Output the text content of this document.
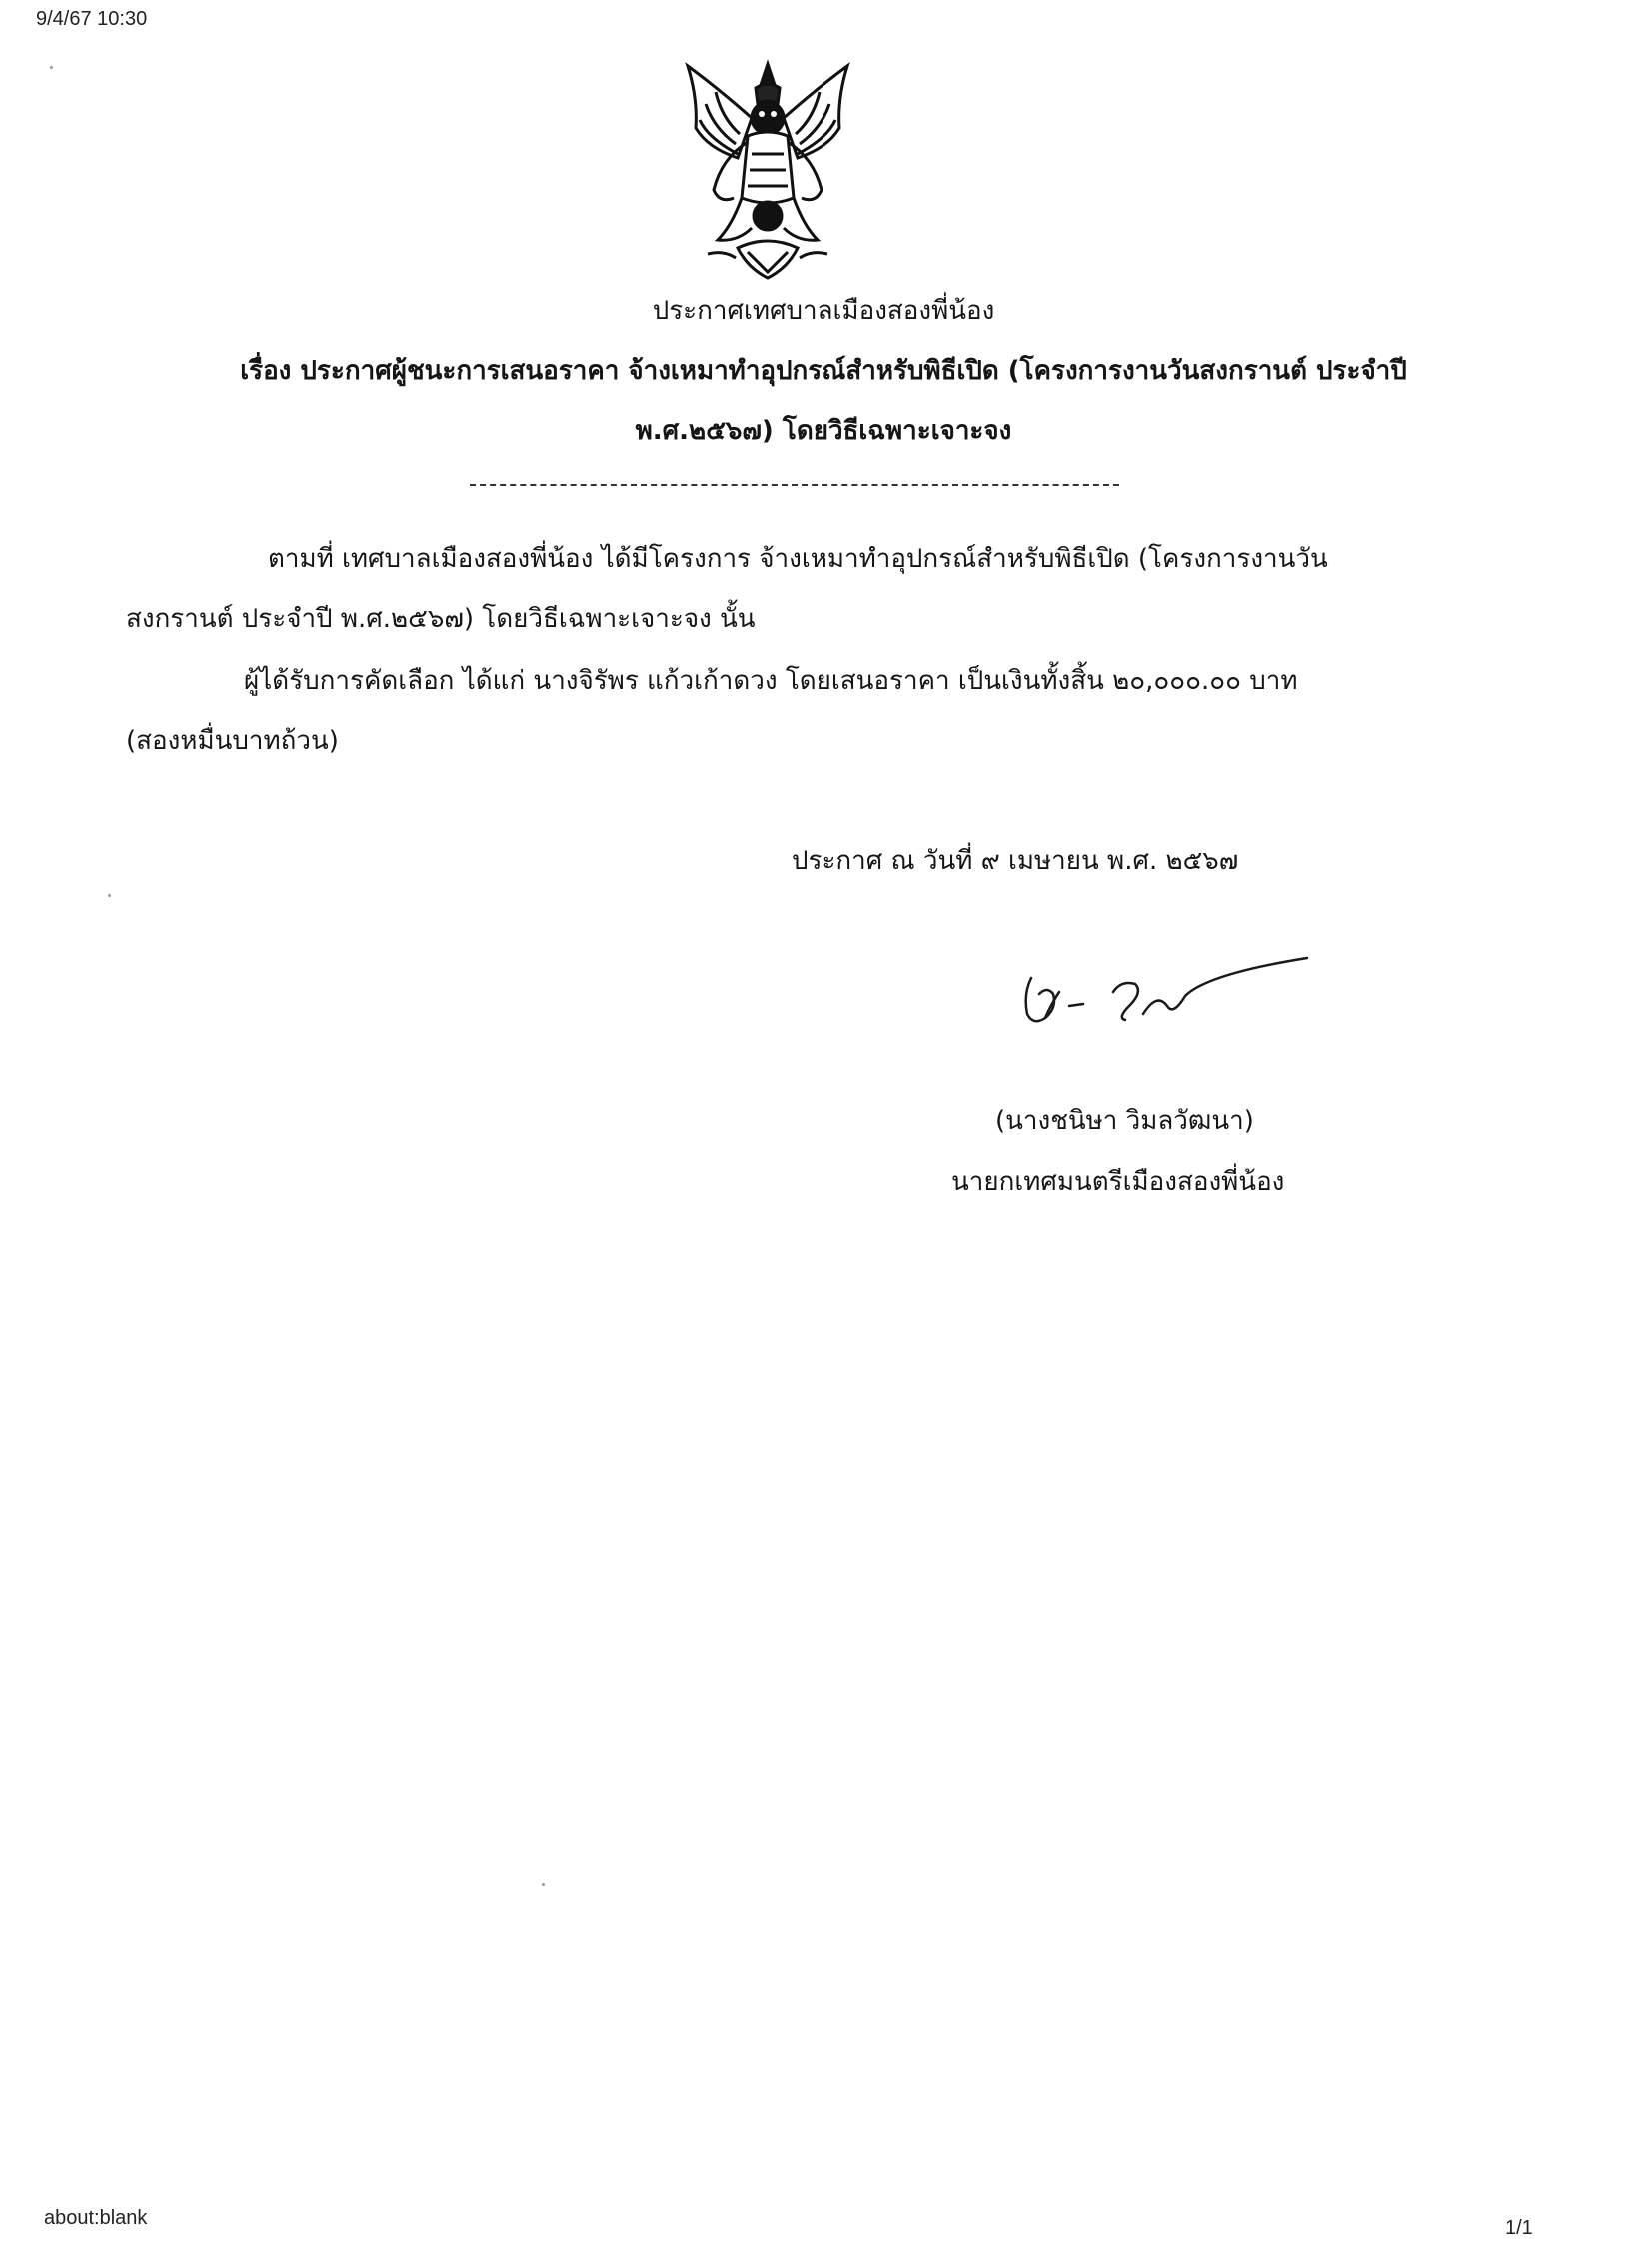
9/4/67 10:30
ประกาศเทศบาลเมืองสองพี่น้อง
เรื่อง ประกาศผู้ชนะการเสนอราคา จ้างเหมาทำอุปกรณ์สำหรับพิธีเปิด (โครงการงานวันสงกรานต์ ประจำปี
พ.ศ.๒๕๖๗) โดยวิธีเฉพาะเจาะจง
ตามที่ เทศบาลเมืองสองพี่น้อง ได้มีโครงการ จ้างเหมาทำอุปกรณ์สำหรับพิธีเปิด (โครงการงานวัน
สงกรานต์ ประจำปี พ.ศ.๒๕๖๗) โดยวิธีเฉพาะเจาะจง นั้น
ผู้ได้รับการคัดเลือก ได้แก่ นางจิรัพร แก้วเก้าดวง โดยเสนอราคา เป็นเงินทั้งสิ้น ๒๐,๐๐๐.๐๐ บาท
(สองหมื่นบาทถ้วน)
ประกาศ ณ วันที่ ๙ เมษายน พ.ศ. ๒๕๖๗
(นางชนิษา วิมลวัฒนา)
นายกเทศมนตรีเมืองสองพี่น้อง
about:blank	1/1
